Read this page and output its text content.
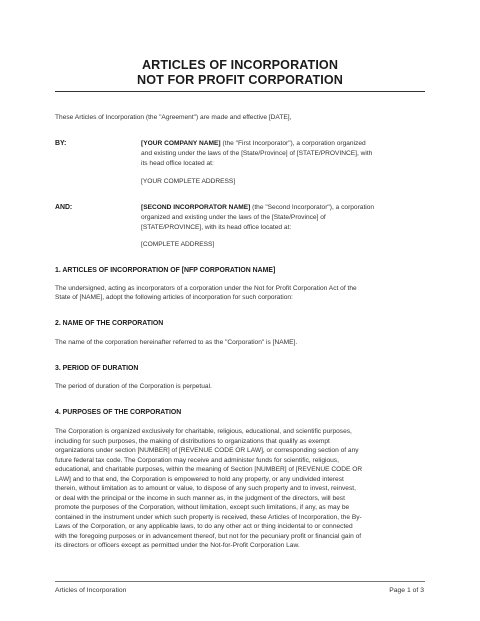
ARTICLES OF INCORPORATION
NOT FOR PROFIT CORPORATION
These Articles of Incorporation (the "Agreement") are made and effective [DATE],
BY:	[YOUR COMPANY NAME] (the "First Incorporator"), a corporation organized
and existing under the laws of the [State/Province] of [STATE/PROVINCE], with
its head office located at:
[YOUR COMPLETE ADDRESS]
AND:	[SECOND INCORPORATOR NAME] (the "Second Incorporator"), a corporation
organized and existing under the laws of the [State/Province] of
[STATE/PROVINCE], with its head office located at:
[COMPLETE ADDRESS]
1. ARTICLES OF INCORPORATION OF [NFP CORPORATION NAME]
The undersigned, acting as incorporators of a corporation under the Not for Profit Corporation Act of the
State of [NAME], adopt the following articles of incorporation for such corporation:
2. NAME OF THE CORPORATION
The name of the corporation hereinafter referred to as the "Corporation" is [NAME].
3. PERIOD OF DURATION
The period of duration of the Corporation is perpetual.
4. PURPOSES OF THE CORPORATION
The Corporation is organized exclusively for charitable, religious, educational, and scientific purposes,
including for such purposes, the making of distributions to organizations that qualify as exempt
organizations under section [NUMBER] of [REVENUE CODE OR LAW], or corresponding section of any
future federal tax code. The Corporation may receive and administer funds for scientific, religious,
educational, and charitable purposes, within the meaning of Section [NUMBER] of [REVENUE CODE OR
LAW] and to that end, the Corporation is empowered to hold any property, or any undivided interest
therein, without limitation as to amount or value, to dispose of any such property and to invest, reinvest,
or deal with the principal or the income in such manner as, in the judgment of the directors, will best
promote the purposes of the Corporation, without limitation, except such limitations, if any, as may be
contained in the instrument under which such property is received, these Articles of Incorporation, the By-
Laws of the Corporation, or any applicable laws, to do any other act or thing incidental to or connected
with the foregoing purposes or in advancement thereof, but not for the pecuniary profit or financial gain of
its directors or officers except as permitted under the Not-for-Profit Corporation Law.
Articles of Incorporation	Page 1 of 3
